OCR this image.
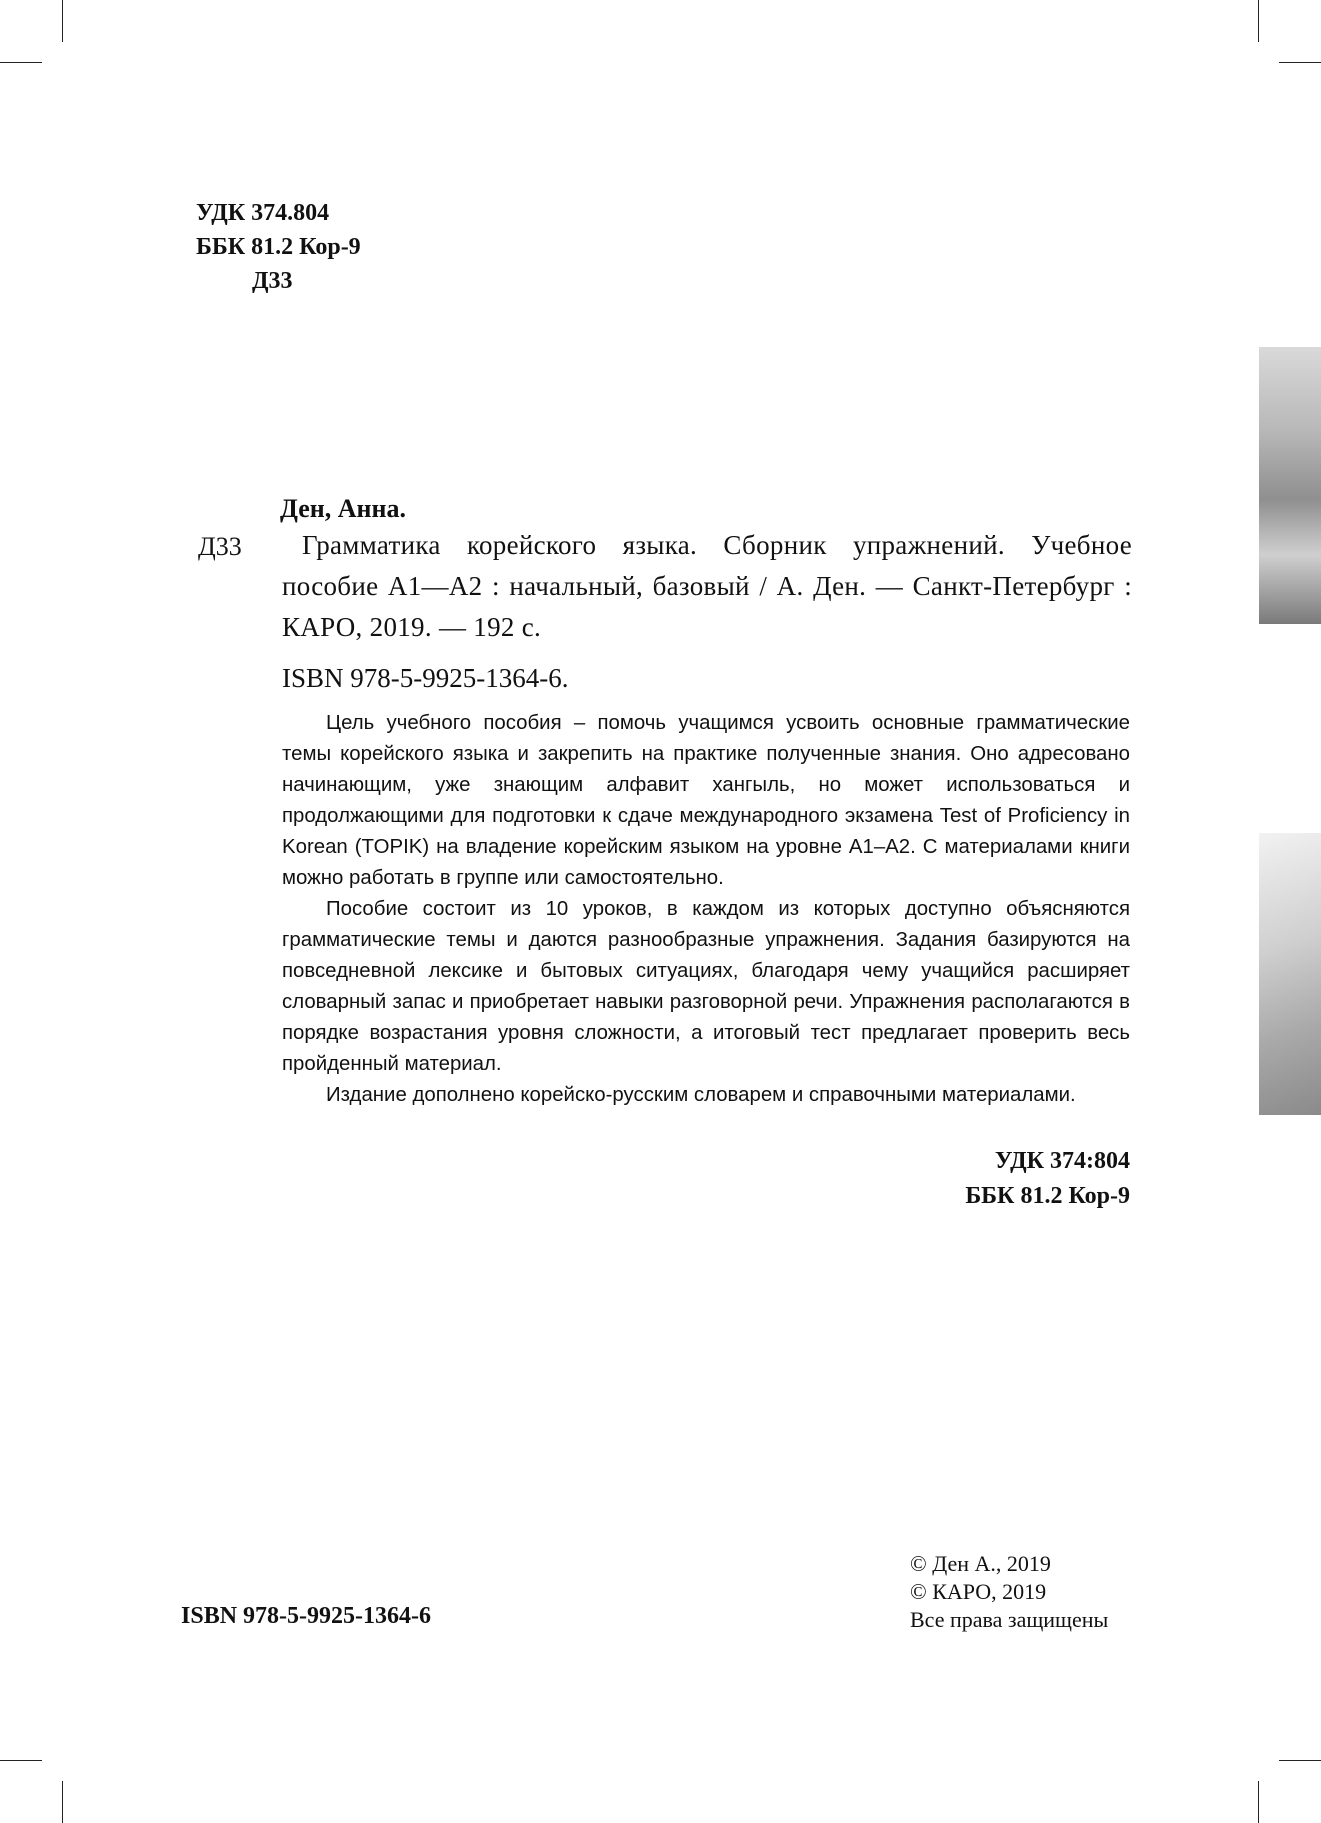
УДК 374.804
ББК 81.2 Кор-9
Д33
Ден, Анна.
Д33	Грамматика корейского языка. Сборник упражнений. Учебное пособие А1—А2 : начальный, базовый / А. Ден. — Санкт-Петербург : КАРО, 2019. — 192 с.
ISBN 978-5-9925-1364-6.

Цель учебного пособия – помочь учащимся усвоить основные грамматические темы корейского языка и закрепить на практике полученные знания. Оно адресовано начинающим, уже знающим алфавит хангыль, но может использоваться и продолжающими для подготовки к сдаче международного экзамена Test of Proficiency in Korean (TOPIK) на владение корейским языком на уровне А1–А2. С материалами книги можно работать в группе или самостоятельно.

Пособие состоит из 10 уроков, в каждом из которых доступно объясняются грамматические темы и даются разнообразные упражнения. Задания базируются на повседневной лексике и бытовых ситуациях, благодаря чему учащийся расширяет словарный запас и приобретает навыки разговорной речи. Упражнения располагаются в порядке возрастания уровня сложности, а итоговый тест предлагает проверить весь пройденный материал.

Издание дополнено корейско-русским словарем и справочными материалами.

УДК 374:804
ББК 81.2 Кор-9
© Ден А., 2019
© КАРО, 2019
Все права защищены
ISBN 978-5-9925-1364-6
